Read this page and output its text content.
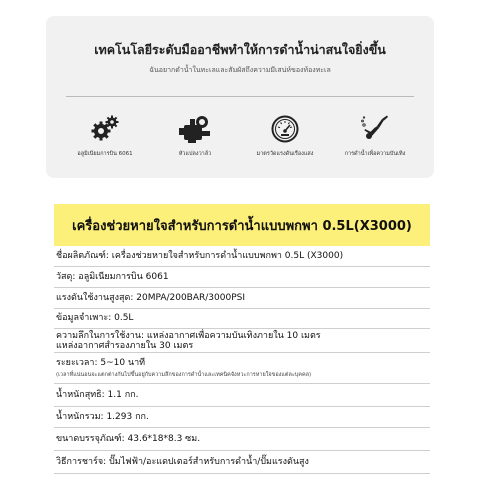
เทคโนโลยีระดับมืออาชีพทำให้การดำน้ำน่าสนใจยิ่งขึ้น
ฉันอยากดำน้ำในทะเลและสัมผัสถึงความมีเสน่ห์ของท้องทะเล
อลูมิเนียมการบิน 6061	หัวแปลงวาล์ว	มาตรวัดแรงดันเรืองแสง	การดำน้ำเพื่อความบันเทิง
เครื่องช่วยหายใจสำหรับการดำน้ำแบบพกพา 0.5L(X3000)
ชื่อผลิตภัณฑ์: เครื่องช่วยหายใจสำหรับการดำน้ำแบบพกพา 0.5L (X3000)
วัสดุ: อลูมิเนียมการบิน 6061
แรงดันใช้งานสูงสุด: 20MPA/200BAR/3000PSI
ข้อมูลจำเพาะ: 0.5L
ความลึกในการใช้งาน: แหล่งอากาศเพื่อความบันเทิงภายใน 10 เมตร
แหล่งอากาศสำรองภายใน 30 เมตร
ระยะเวลา: 5~10 นาที
(เวลาที่แน่นอนจะแตกต่างกันไปขึ้นอยู่กับความลึกของการดำน้ำและเทคนิคจังหวะการหายใจของแต่ละบุคคล)
น้ำหนักสุทธิ: 1.1 กก.
น้ำหนักรวม: 1.293 กก.
ขนาดบรรจุภัณฑ์: 43.6*18*8.3 ซม.
วิธีการชาร์จ: ปั๊มไฟฟ้า/อะแดปเตอร์สำหรับการดำน้ำ/ปั๊มแรงดันสูง
